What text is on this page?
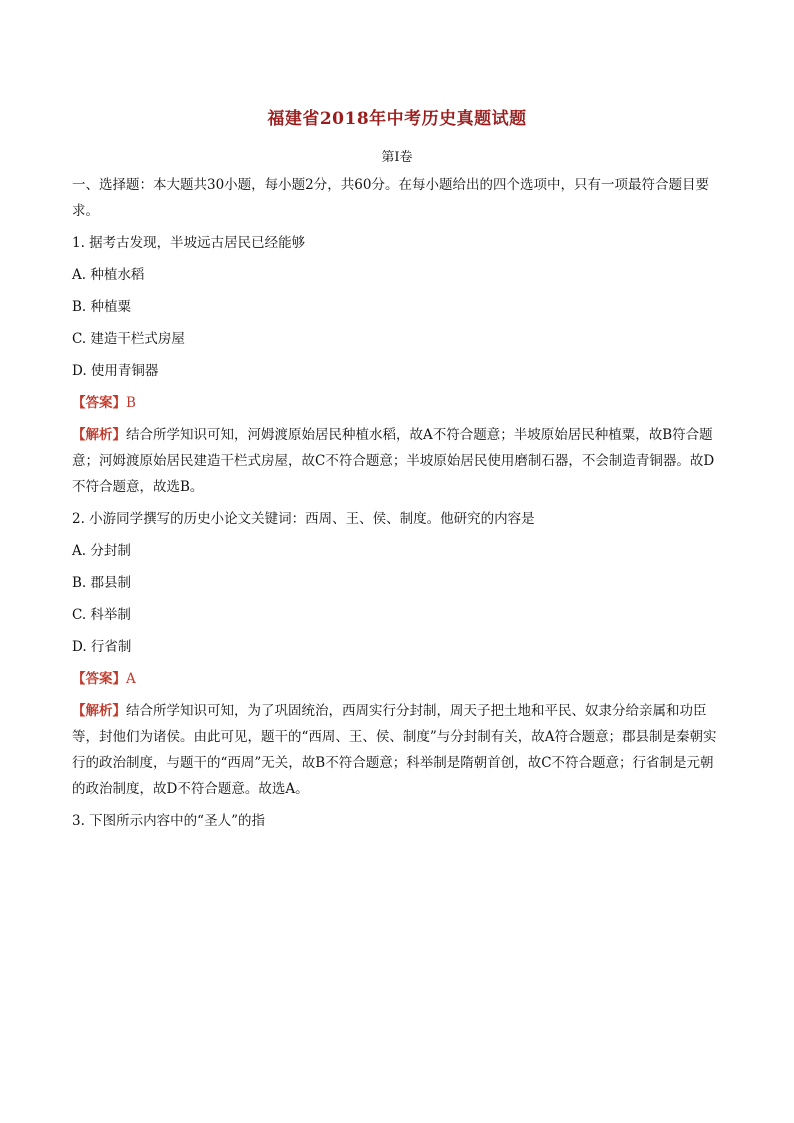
福建省2018年中考历史真题试题
第I卷

一、选择题：本大题共30小题，每小题2分，共60分。在每小题给出的四个选项中，只有一项最符合题目要求。

1. 据考古发现，半坡远古居民已经能够

A. 种植水稻

B. 种植粟

C. 建造干栏式房屋

D. 使用青铜器

【答案】B

【解析】结合所学知识可知，河姆渡原始居民种植水稻，故A不符合题意；半坡原始居民种植粟，故B符合题意；河姆渡原始居民建造干栏式房屋，故C不符合题意；半坡原始居民使用磨制石器，不会制造青铜器。故D不符合题意，故选B。

2. 小游同学撰写的历史小论文关键词：西周、王、侯、制度。他研究的内容是

A. 分封制

B. 郡县制

C. 科举制

D. 行省制

【答案】A

【解析】结合所学知识可知，为了巩固统治，西周实行分封制，周天子把土地和平民、奴隶分给亲属和功臣等，封他们为诸侯。由此可见，题干的“西周、王、侯、制度”与分封制有关，故A符合题意；郡县制是秦朝实行的政治制度，与题干的“西周”无关，故B不符合题意；科举制是隋朝首创，故C不符合题意；行省制是元朝的政治制度，故D不符合题意。故选A。

3. 下图所示内容中的“圣人”的指
